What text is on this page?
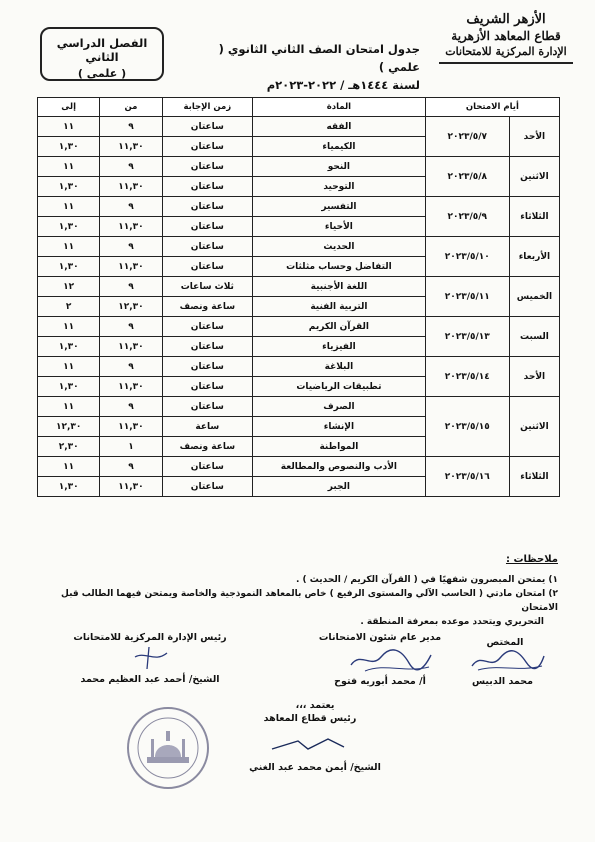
الأزهر الشريف
قطاع المعاهد الأزهرية
الإدارة المركزية للامتحانات
جدول امتحان الصف الثاني الثانوي ( علمي )
لسنة ١٤٤٤هـ / ٢٠٢٢-٢٠٢٣م
الفصل الدراسي الثاني
( علمي )
أيام الامتحان		المادة	زمن الإجابة	من	إلى
الأحد	٢٠٢٣/٥/٧	الفقه	ساعتان	٩	١١
		الكيمياء	ساعتان	١١,٣٠	١,٣٠
الاثنين	٢٠٢٣/٥/٨	النحو	ساعتان	٩	١١
		التوحيد	ساعتان	١١,٣٠	١,٣٠
الثلاثاء	٢٠٢٣/٥/٩	التفسير	ساعتان	٩	١١
		الأحياء	ساعتان	١١,٣٠	١,٣٠
الأربعاء	٢٠٢٣/٥/١٠	الحديث	ساعتان	٩	١١
		التفاضل وحساب مثلثات	ساعتان	١١,٣٠	١,٣٠
الخميس	٢٠٢٣/٥/١١	اللغة الأجنبية	ثلاث ساعات	٩	١٢
		التربية الفنية	ساعة ونصف	١٢,٣٠	٢
السبت	٢٠٢٣/٥/١٣	القرآن الكريم	ساعتان	٩	١١
		الفيزياء	ساعتان	١١,٣٠	١,٣٠
الأحد	٢٠٢٣/٥/١٤	البلاغة	ساعتان	٩	١١
		تطبيقات الرياضيات	ساعتان	١١,٣٠	١,٣٠
الاثنين	٢٠٢٣/٥/١٥	الصرف	ساعتان	٩	١١
		الإنشاء	ساعة	١١,٣٠	١٢,٣٠
		المواطنة	ساعة ونصف	١	٢,٣٠
الثلاثاء	٢٠٢٣/٥/١٦	الأدب والنصوص والمطالعة	ساعتان	٩	١١
		الجبر	ساعتان	١١,٣٠	١,٣٠
ملاحظات :
١) يمتحن المبصرون شفهيًا في ( القرآن الكريم / الحديث ) .
٢) امتحان مادتي ( الحاسب الآلي والمستوى الرفيع ) خاص بالمعاهد النموذجية والخاصة ويمتحن فيهما الطالب قبل الامتحان
التحريري ويتحدد موعده بمعرفة المنطقة .
المختص
محمد الدبيس
مدير عام شئون الامتحانات
أ/ محمد أبوريه فتوح
رئيس الإدارة المركزية للامتحانات
الشيخ/ أحمد عبد العظيم محمد
يعتمد ،،،
رئيس قطاع المعاهد
الشيخ/ أيمن محمد عبد الغني
